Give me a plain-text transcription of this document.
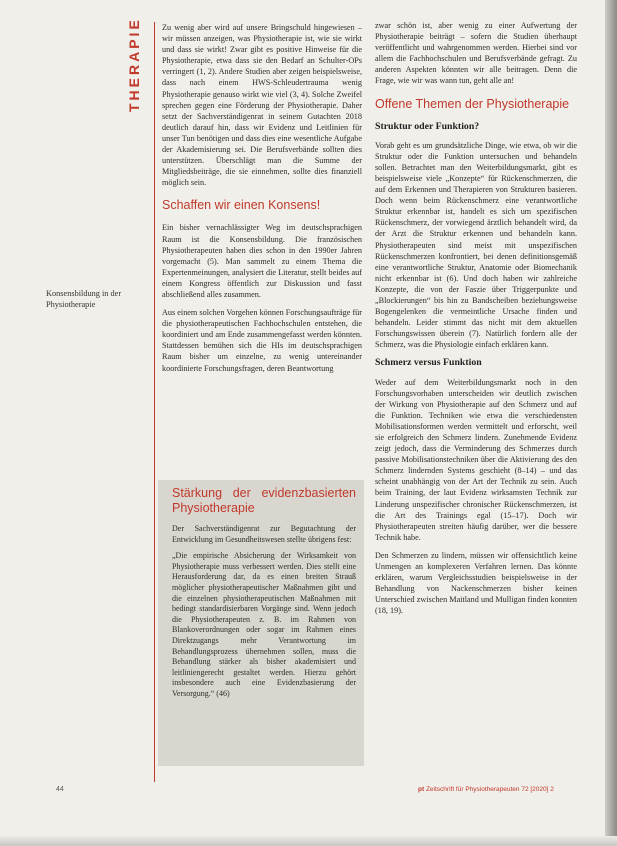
THERAPIE
Konsensbildung in der Physiotherapie

Zu wenig aber wird auf unsere Bringschuld hingewiesen – wir müssen anzeigen, was Physiotherapie ist, wie sie wirkt und dass sie wirkt! Zwar gibt es positive Hinweise für die Physiotherapie, etwa dass sie den Bedarf an Schulter-OPs verringert (1, 2). Andere Studien aber zeigen beispielsweise, dass nach einem HWS-Schleudertrauma wenig Physiotherapie genauso wirkt wie viel (3, 4). Solche Zweifel sprechen gegen eine Förderung der Physiotherapie. Daher setzt der Sachverständigenrat in seinem Gutachten 2018 deutlich darauf hin, dass wir Evidenz und Leitlinien für unser Tun benötigen und dass dies eine wesentliche Aufgabe der Akademisierung sei. Die Berufsverbände sollten dies unterstützen. Überschlägt man die Summe der Mitgliedsbeiträge, die sie einnehmen, sollte dies finanziell möglich sein.

Schaffen wir einen Konsens!

Ein bisher vernachlässigter Weg im deutschsprachigen Raum ist die Konsensbildung. Die französischen Physiotherapeuten haben dies schon in den 1990er Jahren vorgemacht (5). Man sammelt zu einem Thema die Expertenmeinungen, analysiert die Literatur, stellt beides auf einem Kongress öffentlich zur Diskussion und fasst abschließend alles zusammen.

Aus einem solchen Vorgehen können Forschungsaufträge für die physiotherapeutischen Fachhochschulen entstehen, die koordiniert und am Ende zusammengefasst werden könnten. Stattdessen bemühen sich die HIs im deutschsprachigen Raum bisher um einzelne, zu wenig untereinander koordinierte Forschungsfragen, deren Beantwortung

Stärkung der evidenzbasierten Physiotherapie

Der Sachverständigenrat zur Begutachtung der Entwicklung im Gesundheitswesen stellte übrigens fest:

„Die empirische Absicherung der Wirksamkeit von Physiotherapie muss verbessert werden. Dies stellt eine Herausforderung dar, da es einen breiten Strauß möglicher physiotherapeutischer Maßnahmen gibt und die einzelnen physiotherapeutischen Maßnahmen mit bedingt standardisierbaren Vorgänge sind. Wenn jedoch die Physiotherapeuten z. B. im Rahmen von Blankoverordnungen oder sogar im Rahmen eines Direktzugangs mehr Verantwortung im Behandlungsprozess übernehmen sollen, muss die Behandlung stärker als bisher akademisiert und leitliniengerecht gestaltet werden. Hierzu gehört insbesondere auch eine Evidenzbasierung der Versorgung.“ (46)

zwar schön ist, aber wenig zu einer Aufwertung der Physiotherapie beiträgt – sofern die Studien überhaupt veröffentlicht und wahrgenommen werden. Hierbei sind vor allem die Fachhochschulen und Berufsverbände gefragt. Zu anderen Aspekten könnten wir alle beitragen. Denn die Frage, wie wir was wann tun, geht alle an!

Offene Themen der Physiotherapie
Struktur oder Funktion?

Vorab geht es um grundsätzliche Dinge, wie etwa, ob wir die Struktur oder die Funktion untersuchen und behandeln sollen. Betrachtet man den Weiterbildungsmarkt, gibt es beispielsweise viele „Konzepte“ für Rückenschmerzen, die auf dem Erkennen und Therapieren von Strukturen basieren. Doch wenn beim Rückenschmerz eine verantwortliche Struktur erkennbar ist, handelt es sich um spezifischen Rückenschmerz, der vorwiegend ärztlich behandelt wird, da der Arzt die Struktur erkennen und behandeln kann. Physiotherapeuten sind meist mit unspezifischen Rückenschmerzen konfrontiert, bei denen definitionsgemäß eine verantwortliche Struktur, Anatomie oder Biomechanik nicht erkennbar ist (6). Und doch haben wir zahlreiche Konzepte, die von der Faszie über Triggerpunkte und „Blockierungen“ bis hin zu Bandscheiben beziehungsweise Bogengelenken die vermeintliche Ursache finden und behandeln. Leider stimmt das nicht mit dem aktuellen Forschungswissen überein (7). Natürlich fordern alle der Schmerz, was die Physiologie einfach erklären kann.

Schmerz versus Funktion

Weder auf dem Weiterbildungsmarkt noch in den Forschungsvorhaben unterscheiden wir deutlich zwischen der Wirkung von Physiotherapie auf den Schmerz und auf die Funktion. Techniken wie etwa die verschiedensten Mobilisationsformen werden vermittelt und erforscht, weil sie erfolgreich den Schmerz lindern. Zunehmende Evidenz zeigt jedoch, dass die Verminderung des Schmerzes durch passive Mobilisationstechniken über die Aktivierung des den Schmerz lindernden Systems geschieht (8–14) – und das scheint unabhängig von der Art der Technik zu sein. Auch beim Training, der laut Evidenz wirksamsten Technik zur Linderung unspezifischer chronischer Rückenschmerzen, ist die Art des Trainings egal (15–17). Doch wir Physiotherapeuten streiten häufig darüber, wer die bessere Technik habe.

Den Schmerzen zu lindern, müssen wir offensichtlich keine Unmengen an komplexeren Verfahren lernen. Das könnte erklären, warum Vergleichsstudien beispielsweise in der Behandlung von Nackenschmerzen bisher keinen Unterschied zwischen Maitland und Mulligan finden konnten (18, 19).

44	pt Zeitschrift für Physiotherapeuten 72 [2020] 2
